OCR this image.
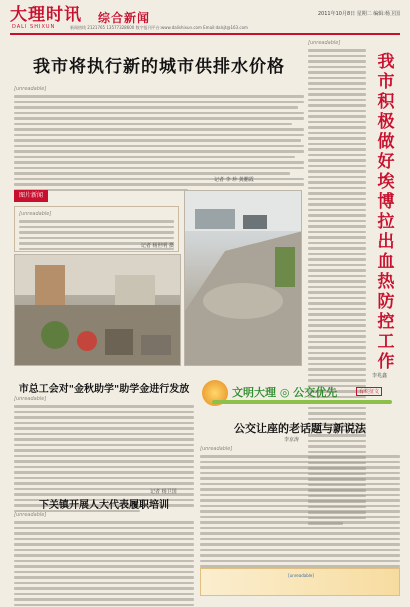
大理时讯
DALI SHIXUN
综合新闻
新闻热线 2121765 13577328600 数字报刊平台:www.dalishixun.com Email:dalsjt@163.com
2011年10月8日 星期二 编辑:杨卫国
我市将执行新的城市供排水价格
[unreadable]
记者 李 珍 龚鹏霞
[unreadable]
我市积极做好埃博拉出血热防控工作
李兆鑫
图片新闻
[unreadable]
记者 杨世明 摄
市总工会对"金秋助学"助学金进行发放
[unreadable]
记者 杨卫国
下关镇开展人大代表履职培训
[unreadable]
文明大理 ◎ 公交优先	有奖征文
公交让座的老话题与新说法
李京涛
[unreadable]
[unreadable]
